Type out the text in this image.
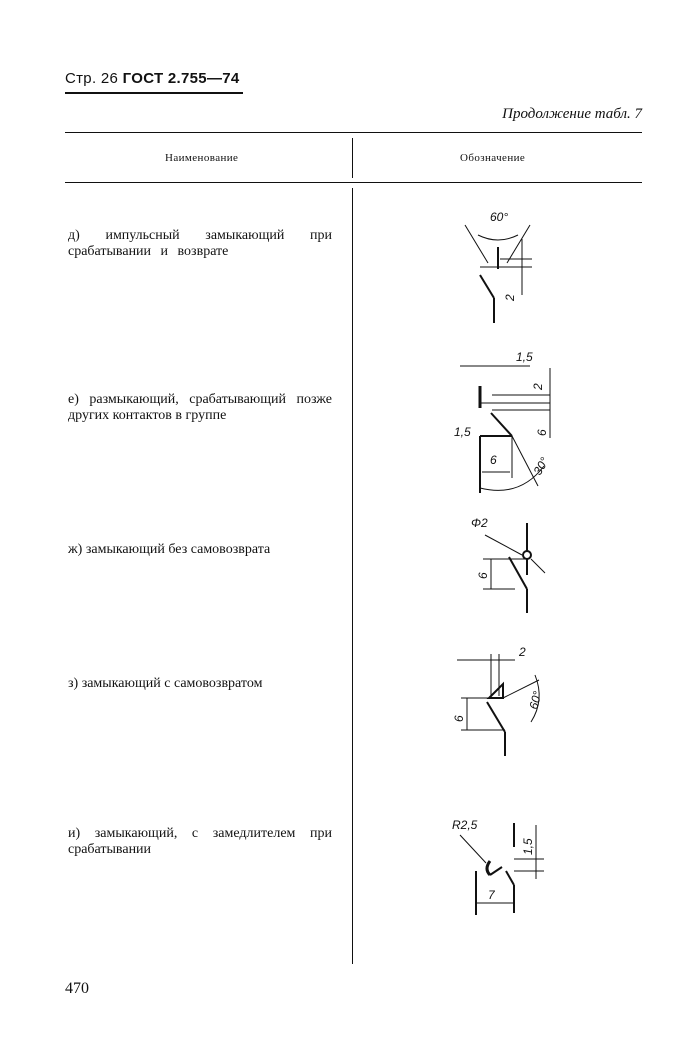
Стр. 26 ГОСТ 2.755—74
Продолжение табл. 7
Наименование	Обозначение
д) импульсный замыкающий при срабатывании и возврате
е) размыкающий, срабатывающий позже других контактов в группе
ж) замыкающий без самовозврата
з) замыкающий с самовозвратом
и) замыкающий, с замедлителем при срабатывании
60°
2
1,5
2
6
1,5
6	30°
Φ2
6
2
6
60°
R2,5
1,5
7
470
